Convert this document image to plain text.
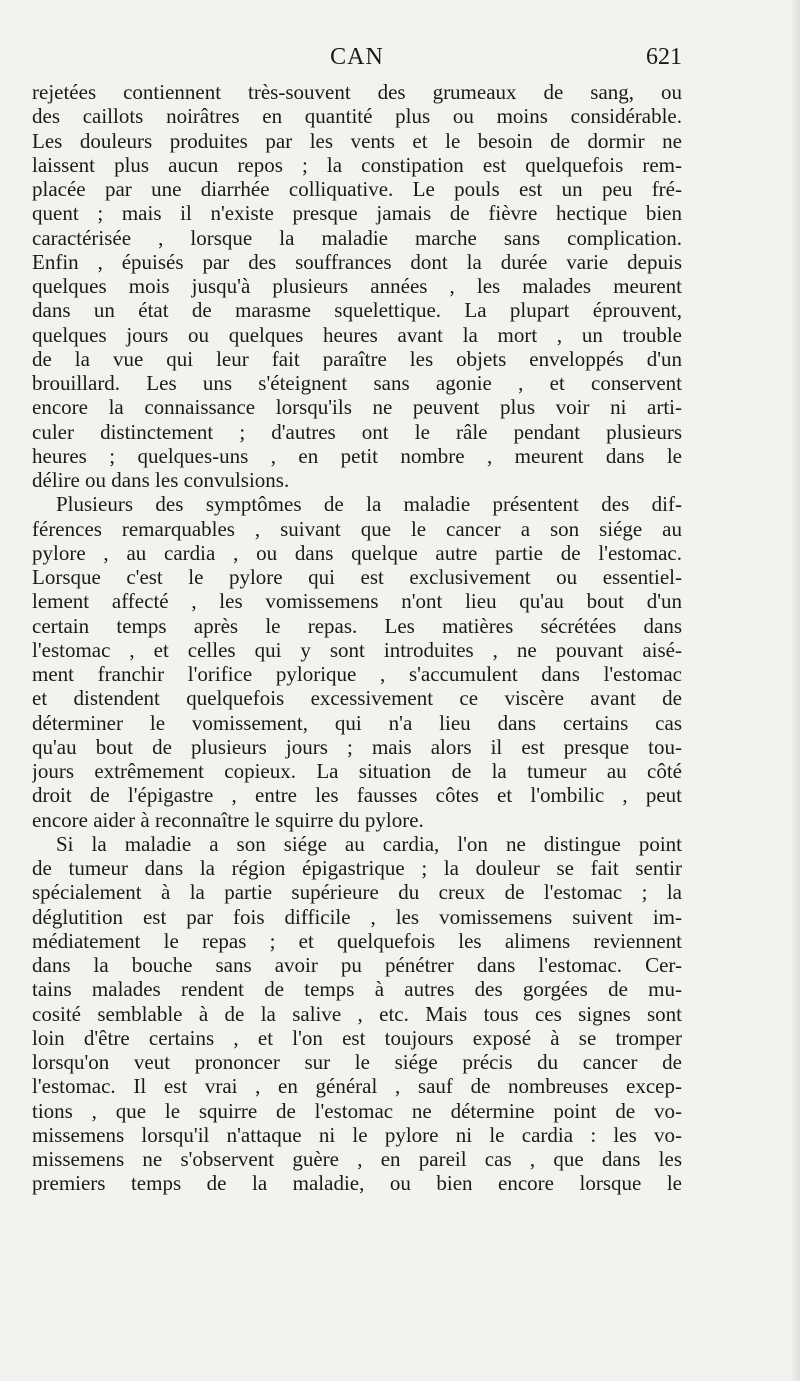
CAN	621
rejetées contiennent très-souvent des grumeaux de sang, ou
des caillots noirâtres en quantité plus ou moins considérable.
Les douleurs produites par les vents et le besoin de dormir ne
laissent plus aucun repos ; la constipation est quelquefois rem-
placée par une diarrhée colliquative. Le pouls est un peu fré-
quent ; mais il n'existe presque jamais de fièvre hectique bien
caractérisée , lorsque la maladie marche sans complication.
Enfin , épuisés par des souffrances dont la durée varie depuis
quelques mois jusqu'à plusieurs années , les malades meurent
dans un état de marasme squelettique. La plupart éprouvent,
quelques jours ou quelques heures avant la mort , un trouble
de la vue qui leur fait paraître les objets enveloppés d'un
brouillard. Les uns s'éteignent sans agonie , et conservent
encore la connaissance lorsqu'ils ne peuvent plus voir ni arti-
culer distinctement ; d'autres ont le râle pendant plusieurs
heures ; quelques-uns , en petit nombre , meurent dans le
délire ou dans les convulsions.
Plusieurs des symptômes de la maladie présentent des dif-
férences remarquables , suivant que le cancer a son siége au
pylore , au cardia , ou dans quelque autre partie de l'estomac.
Lorsque c'est le pylore qui est exclusivement ou essentiel-
lement affecté , les vomissemens n'ont lieu qu'au bout d'un
certain temps après le repas. Les matières sécrétées dans
l'estomac , et celles qui y sont introduites , ne pouvant aisé-
ment franchir l'orifice pylorique , s'accumulent dans l'estomac
et distendent quelquefois excessivement ce viscère avant de
déterminer le vomissement, qui n'a lieu dans certains cas
qu'au bout de plusieurs jours ; mais alors il est presque tou-
jours extrêmement copieux. La situation de la tumeur au côté
droit de l'épigastre , entre les fausses côtes et l'ombilic , peut
encore aider à reconnaître le squirre du pylore.
Si la maladie a son siége au cardia, l'on ne distingue point
de tumeur dans la région épigastrique ; la douleur se fait sentir
spécialement à la partie supérieure du creux de l'estomac ; la
déglutition est par fois difficile , les vomissemens suivent im-
médiatement le repas ; et quelquefois les alimens reviennent
dans la bouche sans avoir pu pénétrer dans l'estomac. Cer-
tains malades rendent de temps à autres des gorgées de mu-
cosité semblable à de la salive , etc. Mais tous ces signes sont
loin d'être certains , et l'on est toujours exposé à se tromper
lorsqu'on veut prononcer sur le siége précis du cancer de
l'estomac. Il est vrai , en général , sauf de nombreuses excep-
tions , que le squirre de l'estomac ne détermine point de vo-
missemens lorsqu'il n'attaque ni le pylore ni le cardia : les vo-
missemens ne s'observent guère , en pareil cas , que dans les
premiers temps de la maladie, ou bien encore lorsque le
